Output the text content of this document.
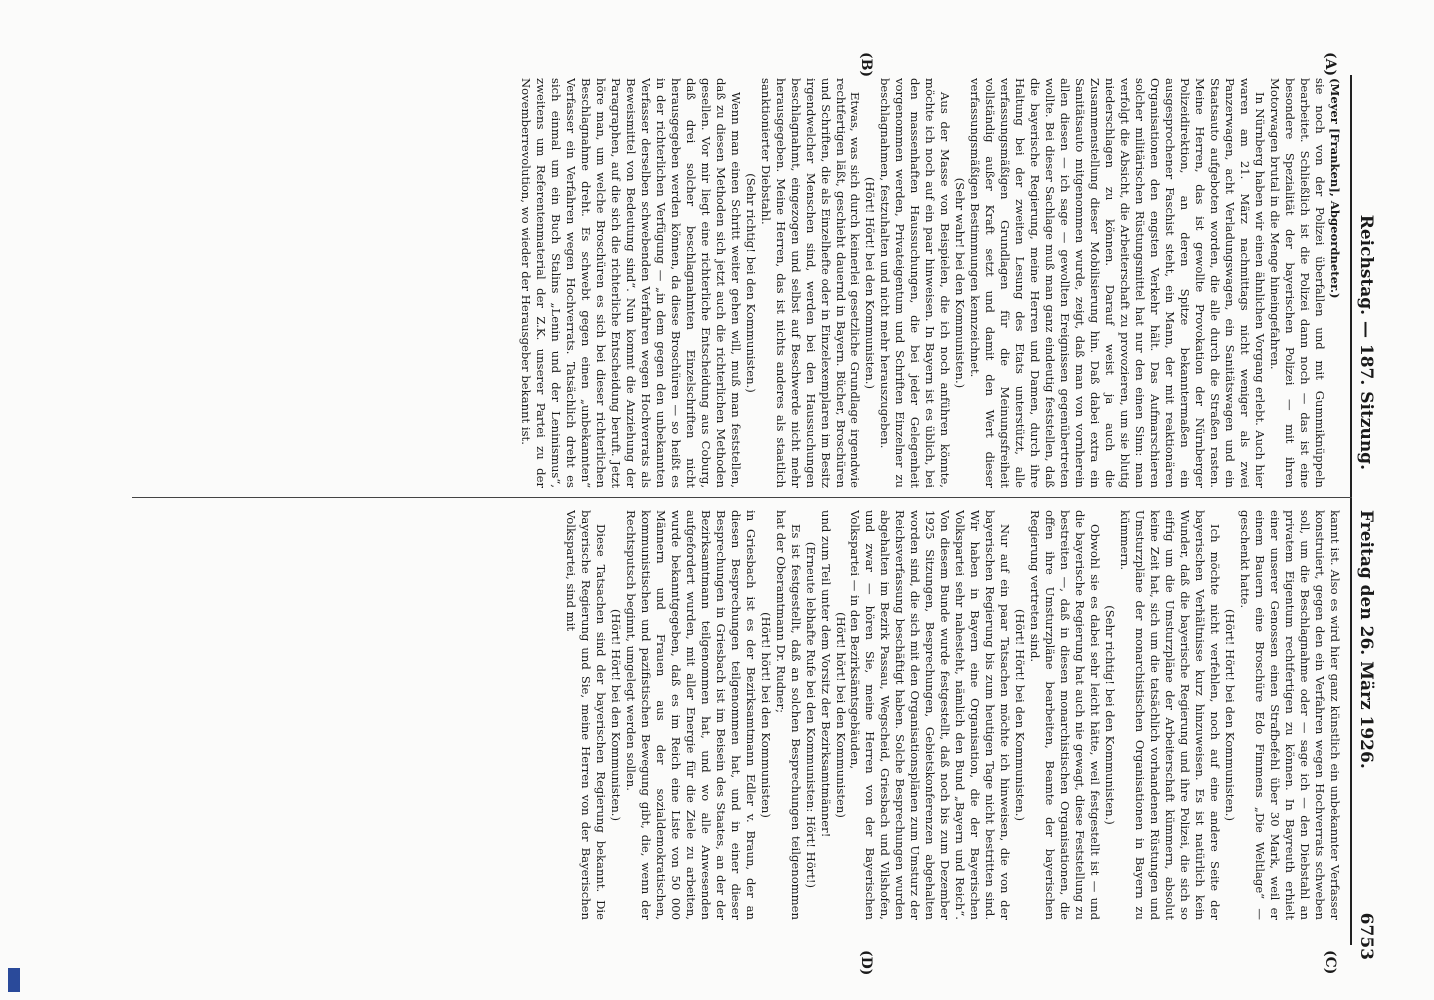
Reichstag. — 187. Sitzung.
Freitag den 26. März 1926.
6753
(A)
(B)
(C)
(D)

(Meyer [Franken], Abgeordneter.)

sie noch von der Polizei überfallen und mit Gummiknüppeln bearbeitet. Schließlich ist die Polizei dann noch — das ist eine besondere Spezialität der bayerischen Polizei — mit ihren Motorwagen brutal in die Menge hineingefahren.

In Nürnberg haben wir einen ähnlichen Vorgang erlebt. Auch hier waren am 21. März nachmittags nicht weniger als zwei Panzerwagen, acht Verladungswagen, ein Sanitätswagen und ein Staatsauto aufgeboten worden, die alle durch die Straßen rasten. Meine Herren, das ist gewollte Provokation der Nürnberger Polizeidirektion, an deren Spitze bekanntermaßen ein ausgesprochener Faschist steht, ein Mann, der mit reaktionären Organisationen den engsten Verkehr hält. Das Aufmarschieren solcher militärischen Rüstungsmittel hat nur den einen Sinn: man verfolgt die Absicht, die Arbeiterschaft zu provozieren, um sie blutig niederschlagen zu können. Darauf weist ja auch die Zusammenstellung dieser Mobilisierung hin. Daß dabei extra ein Sanitätsauto mitgenommen wurde, zeigt, daß man von vornherein allen diesen — ich sage — gewollten Ereignissen gegenübertreten wollte. Bei dieser Sachlage muß man ganz eindeutig feststellen, daß die bayerische Regierung, meine Herren und Damen, durch ihre Haltung bei der zweiten Lesung des Etats unterstützt, alle verfassungsmäßigen Grundlagen für die Meinungsfreiheit vollständig außer Kraft setzt und damit den Wert dieser verfassungsmäßigen Bestimmungen kennzeichnet.

(Sehr wahr! bei den Kommunisten.)

Aus der Masse von Beispielen, die ich noch anführen könnte, möchte ich noch auf ein paar hinweisen. In Bayern ist es üblich, bei den massenhaften Haussuchungen, die bei jeder Gelegenheit vorgenommen werden, Privateigentum und Schriften Einzelner zu beschlagnahmen, festzuhalten und nicht mehr herauszugeben.

(Hört! Hört! bei den Kommunisten.)

Etwas, was sich durch keinerlei gesetzliche Grundlage irgendwie rechtfertigen läßt, geschieht dauernd in Bayern. Bücher, Broschüren und Schriften, die als Einzelhefte oder in Einzelexemplaren im Besitz irgendwelcher Menschen sind, werden bei den Haussuchungen beschlagnahmt, eingezogen und selbst auf Beschwerde nicht mehr herausgegeben. Meine Herren, das ist nichts anderes als staatlich sanktionierter Diebstahl.

(Sehr richtig! bei den Kommunisten.)

Wenn man einen Schritt weiter gehen will, muß man feststellen, daß zu diesen Methoden sich jetzt auch die richterlichen Methoden gesellen. Vor mir liegt eine richterliche Entscheidung aus Coburg, daß drei solcher beschlagnahmten Einzelschriften nicht herausgegeben werden können, da diese Broschüren — so heißt es in der richterlichen Verfügung — „in dem gegen den unbekannten Verfasser derselben schwebenden Verfahren wegen Hochverrats als Beweismittel von Bedeutung sind“. Nun kommt die Anziehung der Paragraphen, auf die sich die richterliche Entscheidung beruft. Jetzt höre man, um welche Broschüren es sich bei dieser richterlichen Beschlagnahme dreht. Es schwebt gegen einen „unbekannten“ Verfasser ein Verfahren wegen Hochverrats. Tatsächlich dreht es sich einmal um ein Buch Stalins „Lenin und der Leninismus“, zweitens um Referentenmaterial der Z.K. unserer Partei zu der Novemberrevolution, wo wieder der Herausgeber bekannt ist.

kannt ist. Also es wird hier ganz künstlich ein unbekannter Verfasser konstruiert, gegen den ein Verfahren wegen Hochverrats schweben soll, um die Beschlagnahme oder — sage ich — den Diebstahl an privatem Eigentum rechtfertigen zu können. In Bayreuth erhielt einer unserer Genossen einen Strafbefehl über 30 Mark, weil er einem Bauern eine Broschüre Edo Fimmens „Die Weltlage“ — geschenkt hatte.

(Hört! Hört! bei den Kommunisten.)

Ich möchte nicht verfehlen, noch auf eine andere Seite der bayerischen Verhältnisse kurz hinzuweisen. Es ist natürlich kein Wunder, daß die bayerische Regierung und ihre Polizei, die sich so eifrig um die Umsturzpläne der Arbeiterschaft kümmern, absolut keine Zeit hat, sich um die tatsächlich vorhandenen Rüstungen und Umsturzpläne der monarchistischen Organisationen in Bayern zu kümmern.

(Sehr richtig! bei den Kommunisten.)

Obwohl sie es dabei sehr leicht hätte, weil festgestellt ist — und die bayerische Regierung hat auch nie gewagt, diese Feststellung zu bestreiten —, daß in diesen monarchistischen Organisationen, die offen ihre Umsturzpläne bearbeiten, Beamte der bayerischen Regierung vertreten sind.

(Hört! Hört! bei den Kommunisten.)

Nur auf ein paar Tatsachen möchte ich hinweisen, die von der bayerischen Regierung bis zum heutigen Tage nicht bestritten sind. Wir haben in Bayern eine Organisation, die der Bayerischen Volkspartei sehr nahesteht, nämlich den Bund „Bayern und Reich“. Von diesem Bunde wurde festgestellt, daß noch bis zum Dezember 1925 Sitzungen, Besprechungen, Gebietskonferenzen abgehalten worden sind, die sich mit den Organisationsplänen zum Umsturz der Reichsverfassung beschäftigt haben. Solche Besprechungen wurden abgehalten im Bezirk Passau, Wegscheid, Griesbach und Vilshofen, und zwar — hören Sie, meine Herren von der Bayerischen Volkspartei — in den Bezirksämtsgebäuden,

(Hört! hört! bei den Kommunisten)

und zum Teil unter dem Vorsitz der Bezirksamtmänner!

(Erneute lebhafte Rufe bei den Kommunisten: Hört! Hört!)

Es ist festgestellt, daß an solchen Besprechungen teilgenommen hat der Oberamtmann Dr. Rudner;

(Hört! hört! bei den Kommunisten)

in Griesbach ist es der Bezirksamtmann Edler v. Braun, der an diesen Besprechungen teilgenommen hat, und in einer dieser Besprechungen in Griesbach ist im Beisein des Staates, an der der Bezirksamtmann teilgenommen hat, und wo alle Anwesenden aufgefordert wurden, mit aller Energie für die Ziele zu arbeiten, wurde bekanntgegeben, daß es im Reich eine Liste von 50 000 Männern und Frauen aus der sozialdemokratischen, kommunistischen und pazifistischen Bewegung gibt, die, wenn der Rechtsputsch beginnt, umgelegt werden sollen.

(Hört! Hört! bei den Kommunisten.)

Diese Tatsachen sind der bayerischen Regierung bekannt. Die bayerische Regierung und Sie, meine Herren von der Bayerischen Volkspartei, sind mit
